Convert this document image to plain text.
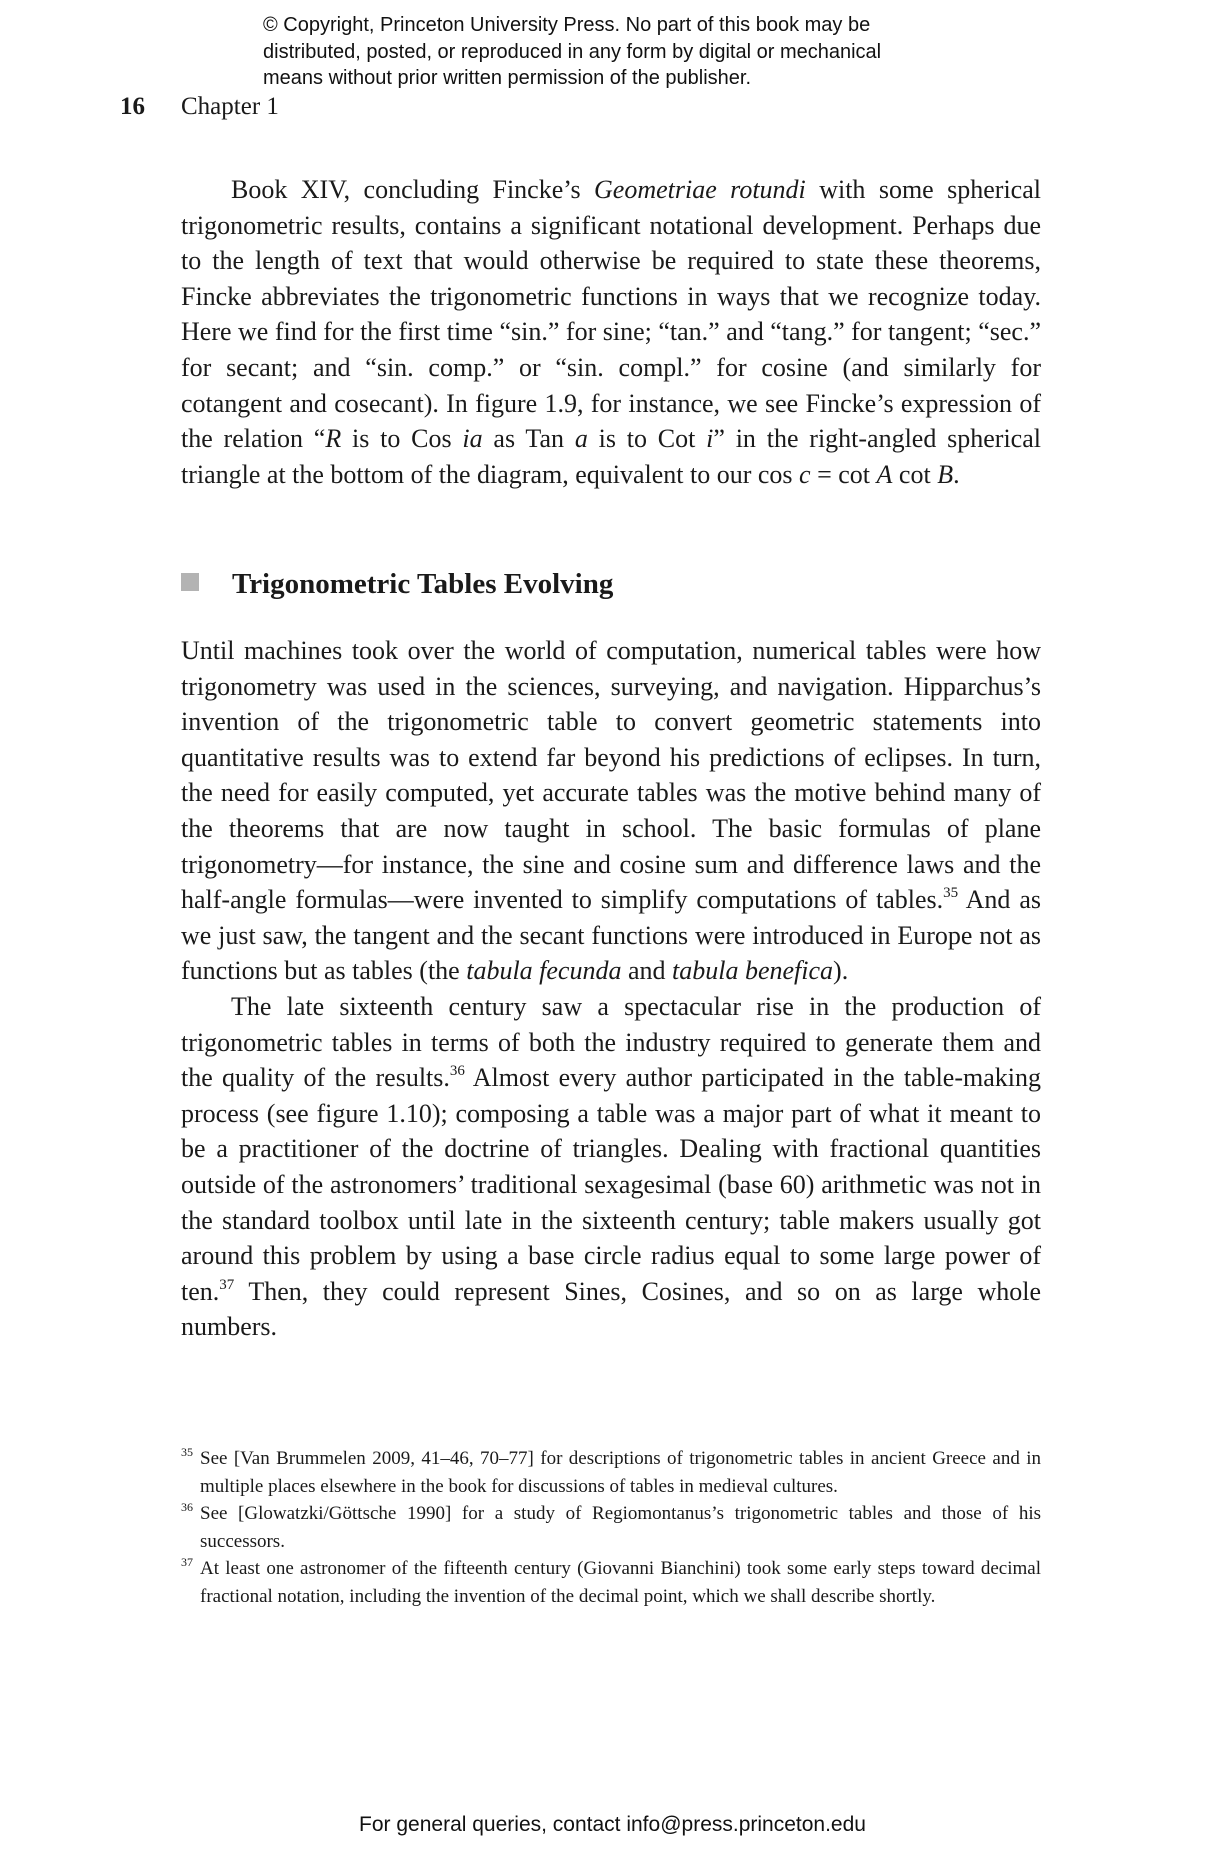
© Copyright, Princeton University Press. No part of this book may be
distributed, posted, or reproduced in any form by digital or mechanical
means without prior written permission of the publisher.
16 Chapter 1

Book XIV, concluding Fincke’s Geometriae rotundi with some spherical trigonometric results, contains a significant notational development. Perhaps due to the length of text that would otherwise be required to state these theorems, Fincke abbreviates the trigonometric functions in ways that we recognize today. Here we find for the first time “sin.” for sine; “tan.” and “tang.” for tangent; “sec.” for secant; and “sin. comp.” or “sin. compl.” for cosine (and similarly for cotangent and cosecant). In figure 1.9, for instance, we see Fincke’s expression of the relation “R is to Cos ia as Tan a is to Cot i” in the right-angled spherical triangle at the bottom of the diagram, equivalent to our cos c = cot A cot B.

Trigonometric Tables Evolving

Until machines took over the world of computation, numerical tables were how trigonometry was used in the sciences, surveying, and navigation. Hipparchus’s invention of the trigonometric table to convert geometric statements into quantitative results was to extend far beyond his predictions of eclipses. In turn, the need for easily computed, yet accurate tables was the motive behind many of the theorems that are now taught in school. The basic formulas of plane trigonometry—for instance, the sine and cosine sum and difference laws and the half-angle formulas—were invented to simplify computations of tables.$^{35}$ And as we just saw, the tangent and the secant functions were introduced in Europe not as functions but as tables (the tabula fecunda and tabula benefica).

The late sixteenth century saw a spectacular rise in the production of trigonometric tables in terms of both the industry required to generate them and the quality of the results.$^{36}$ Almost every author participated in the table-making process (see figure 1.10); composing a table was a major part of what it meant to be a practitioner of the doctrine of triangles. Dealing with fractional quantities outside of the astronomers’ traditional sexagesimal (base 60) arithmetic was not in the standard toolbox until late in the sixteenth century; table makers usually got around this problem by using a base circle radius equal to some large power of ten.$^{37}$ Then, they could represent Sines, Cosines, and so on as large whole numbers.

$^{35}$ See [Van Brummelen 2009, 41–46, 70–77] for descriptions of trigonometric tables in ancient Greece and in multiple places elsewhere in the book for discussions of tables in medieval cultures.

$^{36}$ See [Glowatzki/Göttsche 1990] for a study of Regiomontanus’s trigonometric tables and those of his successors.

$^{37}$ At least one astronomer of the fifteenth century (Giovanni Bianchini) took some early steps toward decimal fractional notation, including the invention of the decimal point, which we shall describe shortly.

For general queries, contact info@press.princeton.edu
